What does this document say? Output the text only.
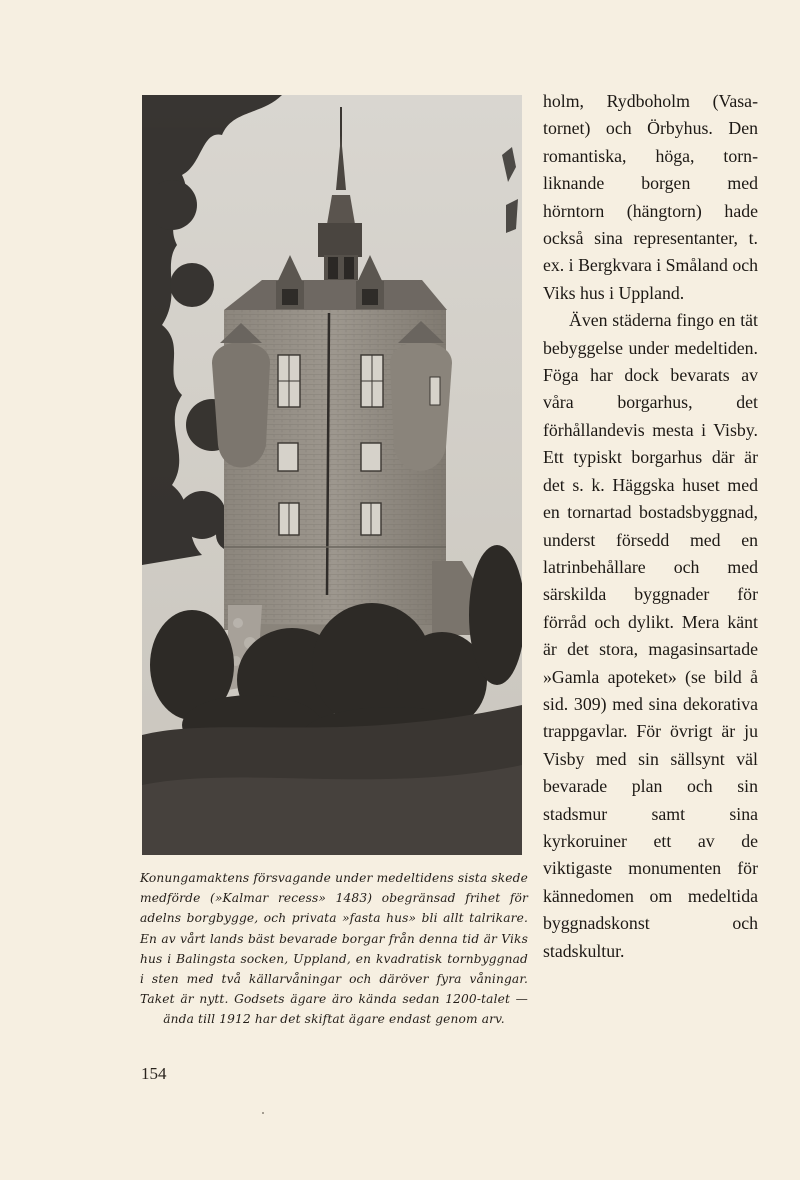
Konungamaktens försvagande under medeltidens sista skede medförde (»Kalmar recess» 1483) obegränsad frihet för adelns borgbygge, och privata »fasta hus» bli allt talrikare. En av vårt lands bäst bevarade borgar från denna tid är Viks hus i Balingsta socken, Uppland, en kvadratisk tornbyggnad i sten med två källarvåningar och däröver fyra våningar. Taket är nytt. Godsets ägare äro kända sedan 1200-talet — ända till 1912 har det skiftat ägare endast genom arv.

holm, Rydboholm (Vasatornet) och Örbyhus. Den romantiska, höga, tornliknande borgen med hörntorn (hängtorn) hade också sina representanter, t. ex. i Bergkvara i Småland och Viks hus i Uppland.

Även städerna fingo en tät bebyggelse under medeltiden. Föga har dock bevarats av våra borgarhus, det förhållandevis mesta i Visby. Ett typiskt borgarhus där är det s. k. Häggska huset med en tornartad bostadsbyggnad, underst försedd med en latrinbehållare och med särskilda byggnader för förråd och dylikt. Mera känt är det stora, magasinsartade »Gamla apoteket» (se bild å sid. 309) med sina dekorativa trappgavlar. För övrigt är ju Visby med sin sällsynt väl bevarade plan och sin stadsmur samt sina kyrkoruiner ett av de viktigaste monumenten för kännedomen om medeltida byggnadskonst och stadskultur.

154
